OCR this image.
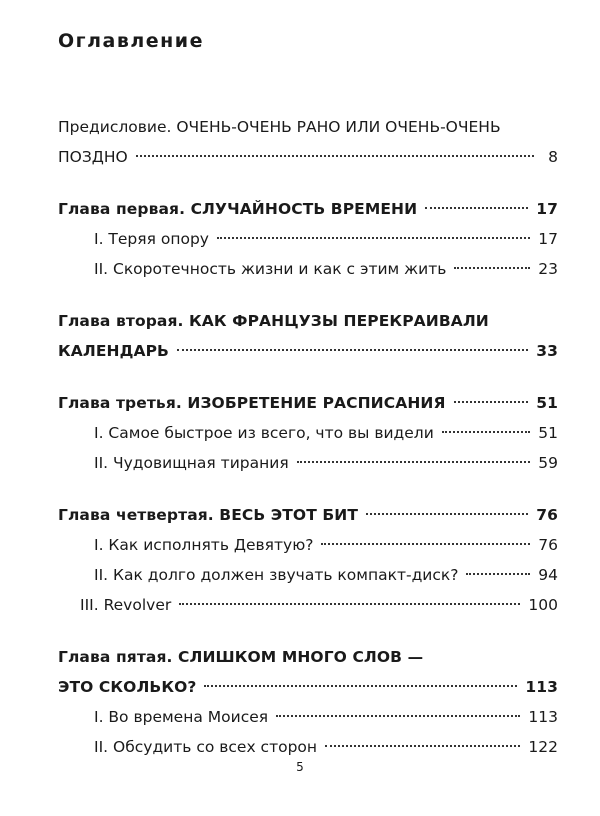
Оглавление
Предисловие. ОЧЕНЬ-ОЧЕНЬ РАНО ИЛИ ОЧЕНЬ-ОЧЕНЬ
ПОЗДНО	8
Глава первая. СЛУЧАЙНОСТЬ ВРЕМЕНИ	17
I. Теряя опору	17
II. Скоротечность жизни и как с этим жить	23
Глава вторая. КАК ФРАНЦУЗЫ ПЕРЕКРАИВАЛИ
КАЛЕНДАРЬ	33
Глава третья. ИЗОБРЕТЕНИЕ РАСПИСАНИЯ	51
I. Самое быстрое из всего, что вы видели	51
II. Чудовищная тирания	59
Глава четвертая. ВЕСЬ ЭТОТ БИТ	76
I. Как исполнять Девятую?	76
II. Как долго должен звучать компакт-диск?	94
III. Revolver	100
Глава пятая. СЛИШКОМ МНОГО СЛОВ —
ЭТО СКОЛЬКО?	113
I. Во времена Моисея	113
II. Обсудить со всех сторон	122
5
